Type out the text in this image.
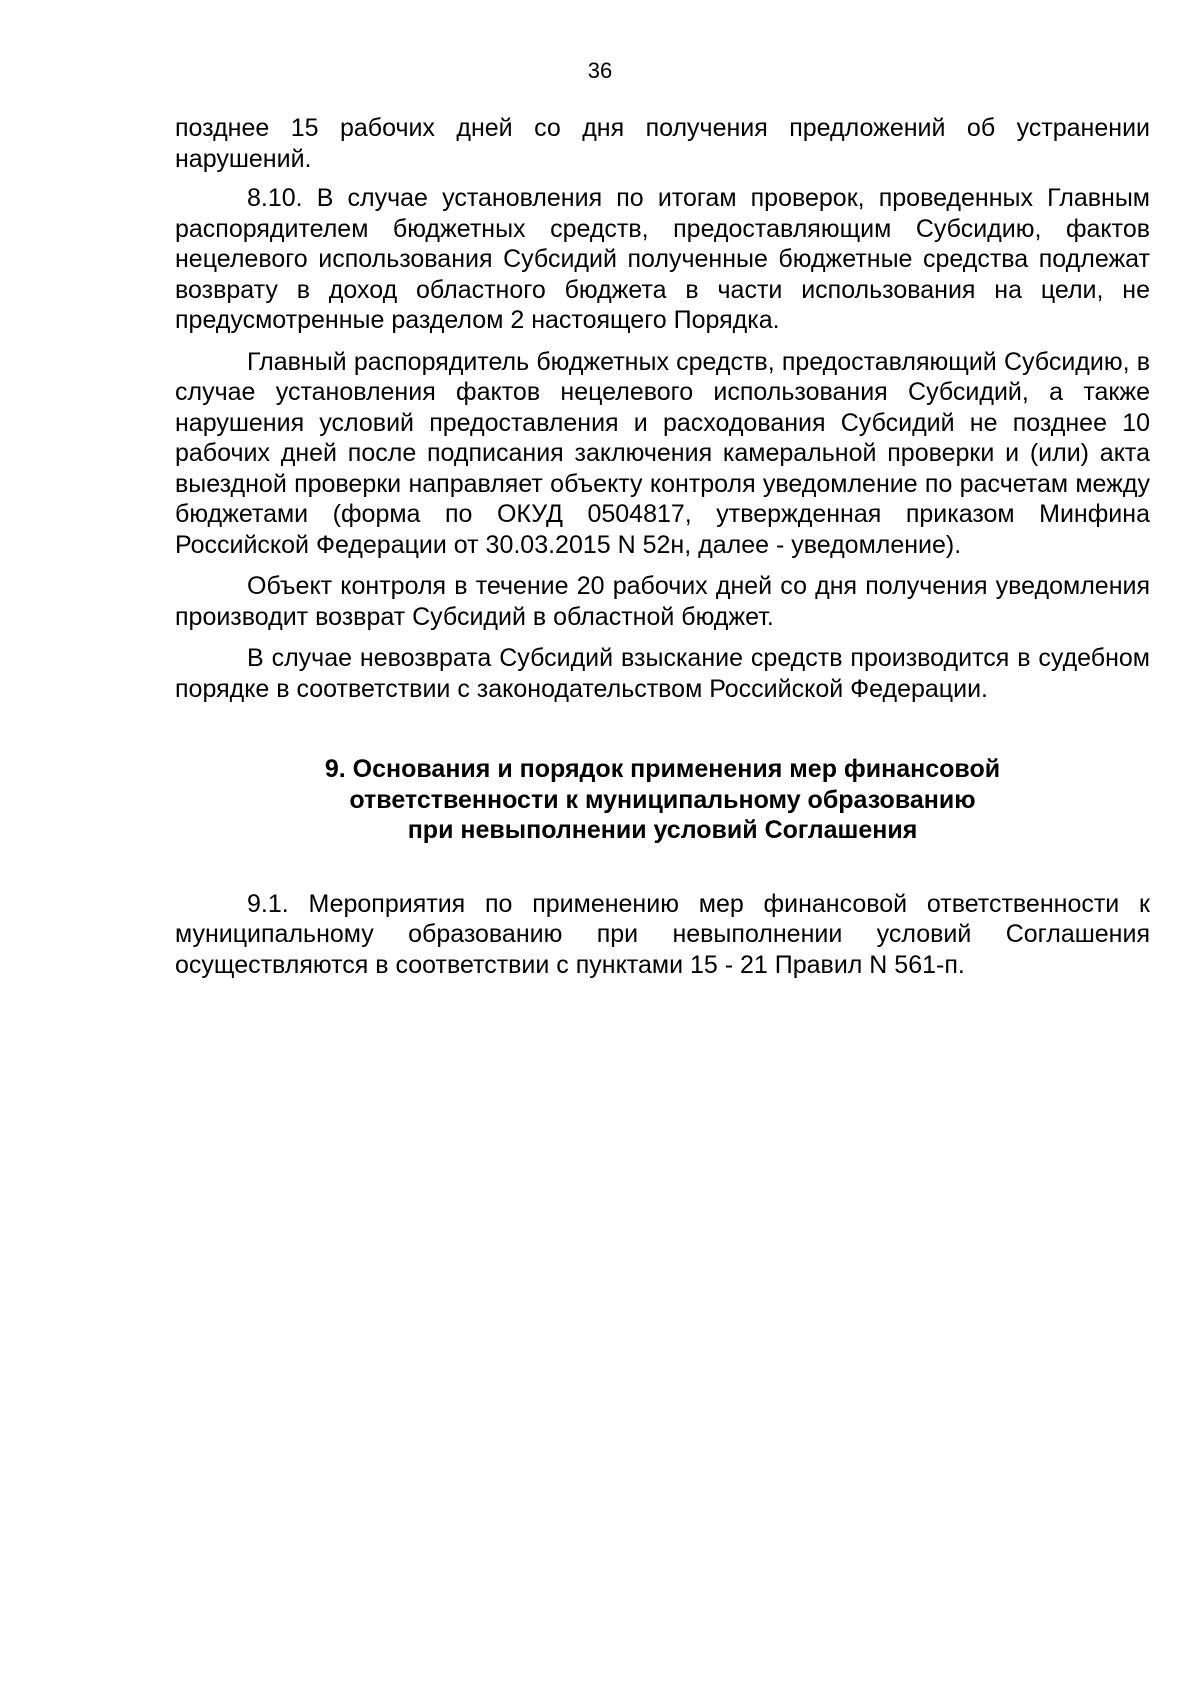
36

позднее 15 рабочих дней со дня получения предложений об устранении нарушений.

8.10. В случае установления по итогам проверок, проведенных Главным распорядителем бюджетных средств, предоставляющим Субсидию, фактов нецелевого использования Субсидий полученные бюджетные средства подлежат возврату в доход областного бюджета в части использования на цели, не предусмотренные разделом 2 настоящего Порядка.

Главный распорядитель бюджетных средств, предоставляющий Субсидию, в случае установления фактов нецелевого использования Субсидий, а также нарушения условий предоставления и расходования Субсидий не позднее 10 рабочих дней после подписания заключения камеральной проверки и (или) акта выездной проверки направляет объекту контроля уведомление по расчетам между бюджетами (форма по ОКУД 0504817, утвержденная приказом Минфина Российской Федерации от 30.03.2015 N 52н, далее - уведомление).

Объект контроля в течение 20 рабочих дней со дня получения уведомления производит возврат Субсидий в областной бюджет.

В случае невозврата Субсидий взыскание средств производится в судебном порядке в соответствии с законодательством Российской Федерации.

9. Основания и порядок применения мер финансовой
ответственности к муниципальному образованию
при невыполнении условий Соглашения

9.1. Мероприятия по применению мер финансовой ответственности к муниципальному образованию при невыполнении условий Соглашения осуществляются в соответствии с пунктами 15 - 21 Правил N 561-п.
